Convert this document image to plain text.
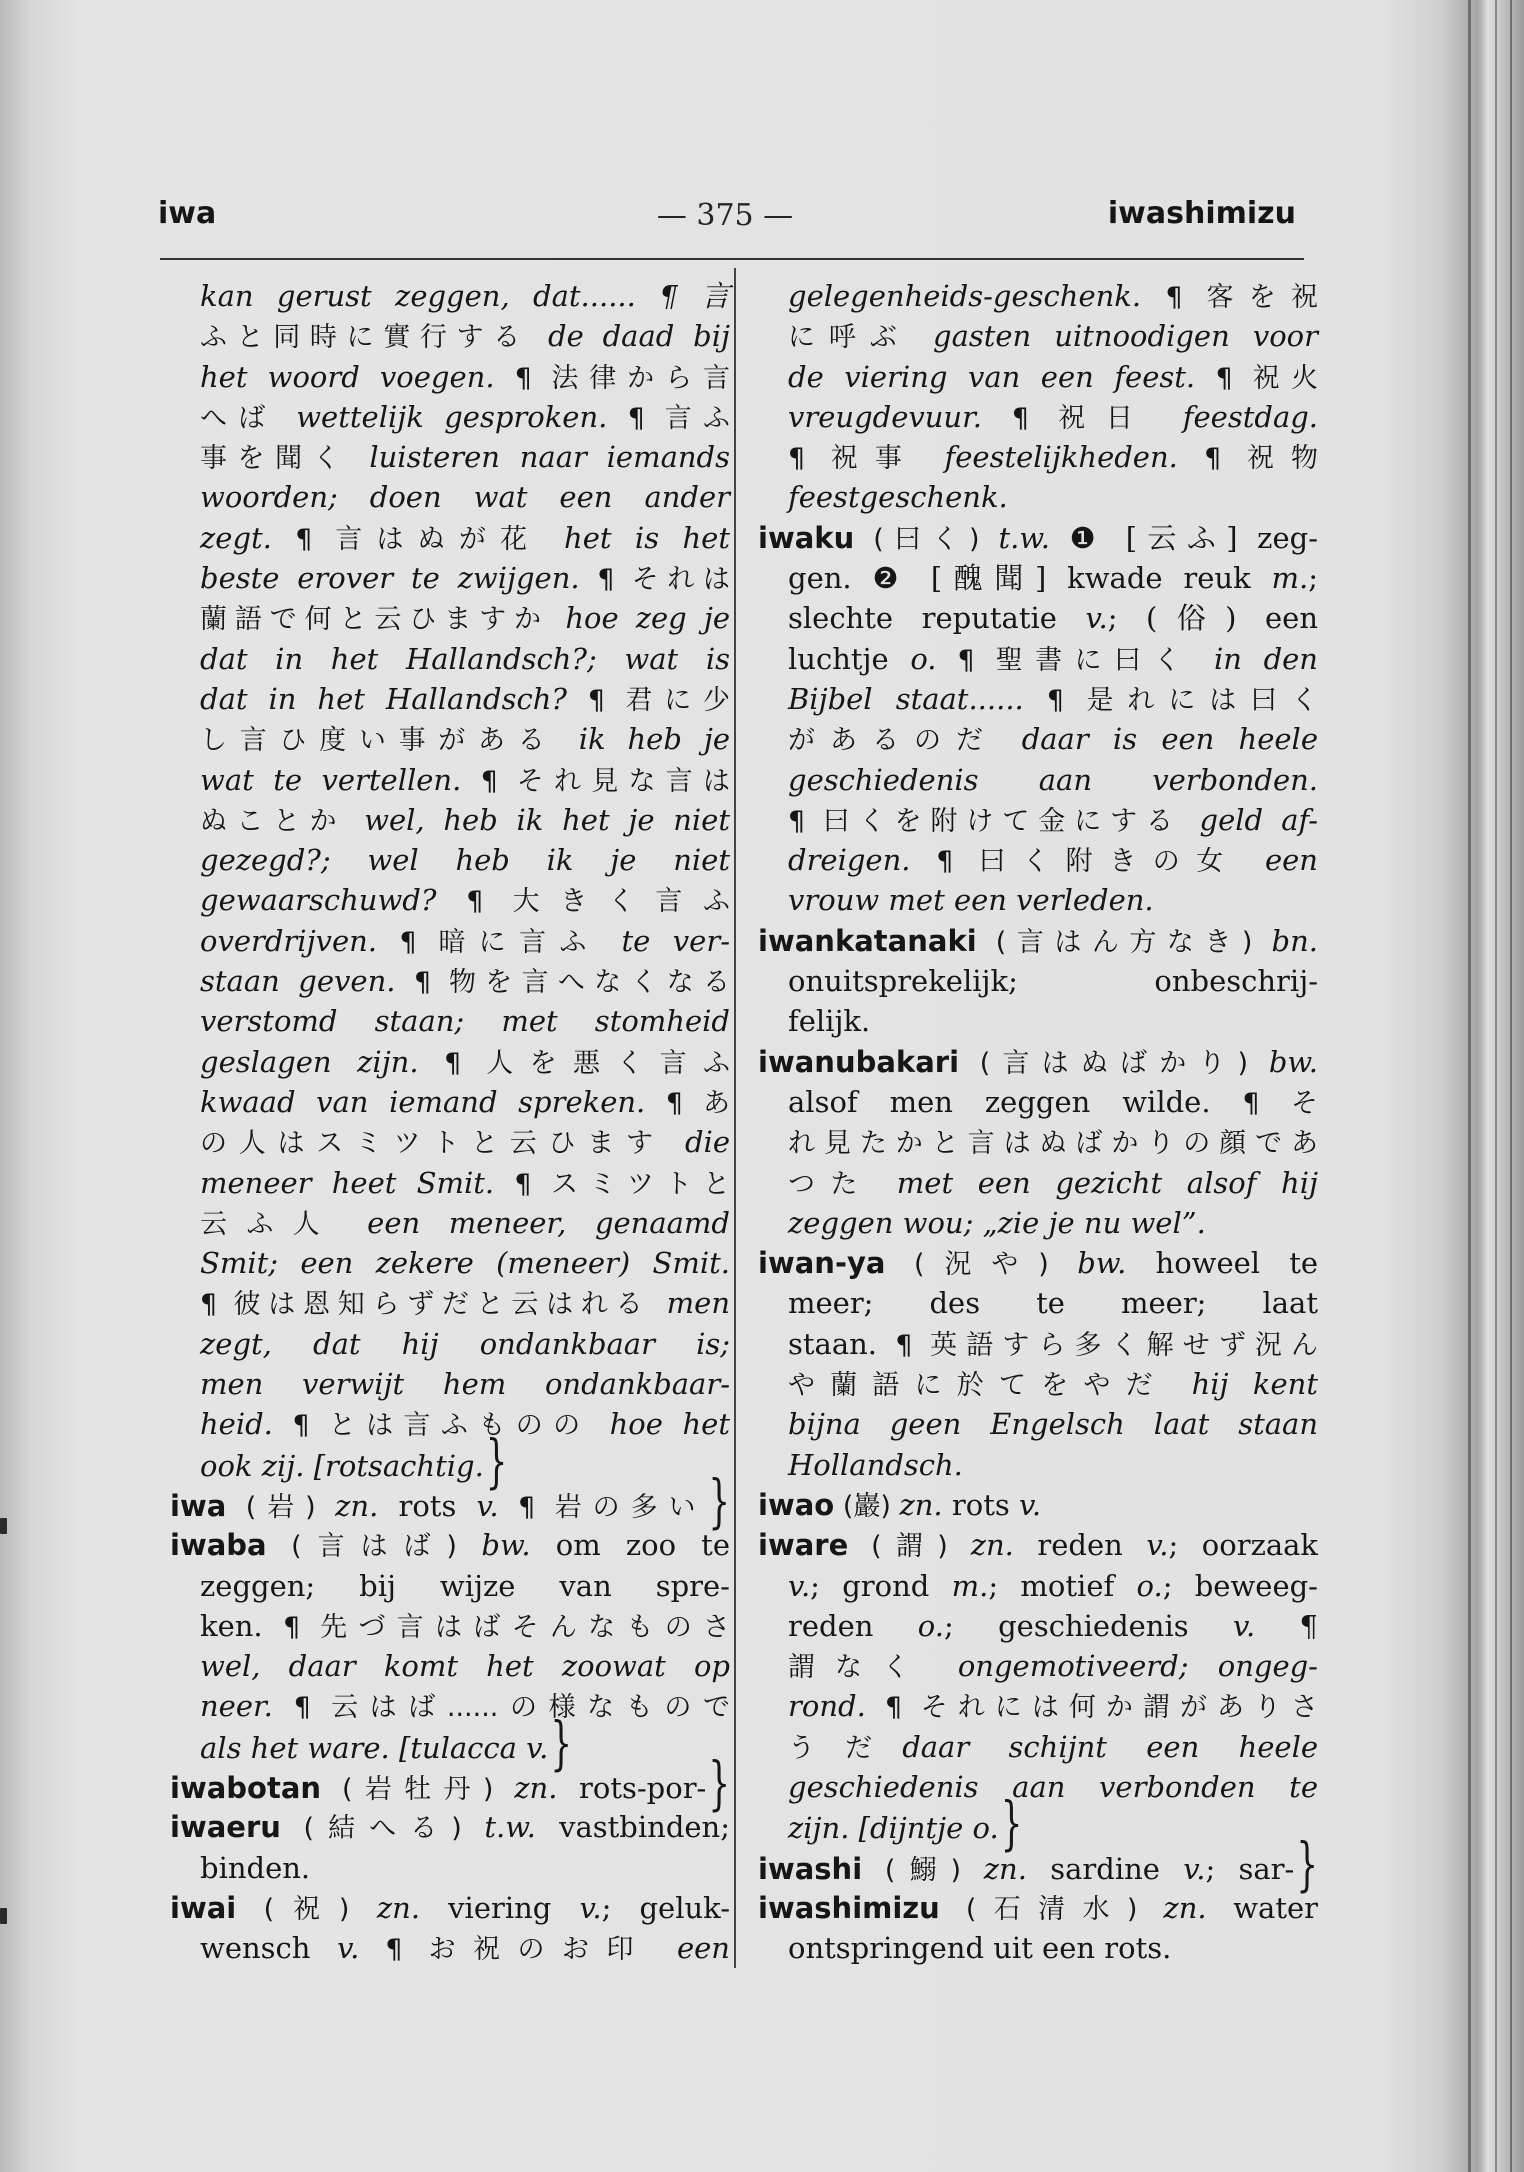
iwa	— 375 —	iwashimizu
kan gerust zeggen, dat...... ¶ 言
ふと同時に實行する de daad bij
het woord voegen. ¶ 法律から言
へば wettelijk gesproken. ¶ 言ふ
事を聞く luisteren naar iemands
woorden; doen wat een ander
zegt. ¶ 言はぬが花 het is het
beste erover te zwijgen. ¶ それは
蘭語で何と云ひますか hoe zeg je
dat in het Hallandsch?; wat is
dat in het Hallandsch? ¶ 君に少
し言ひ度い事がある ik heb je
wat te vertellen. ¶ それ見な言は
ぬことか wel, heb ik het je niet
gezegd?; wel heb ik je niet
gewaarschuwd? ¶ 大きく言ふ
overdrijven. ¶ 暗に言ふ te ver-
staan geven. ¶ 物を言へなくなる
verstomd staan; met stomheid
geslagen zijn. ¶ 人を悪く言ふ
kwaad van iemand spreken. ¶ あ
の人はスミツトと云ひます die
meneer heet Smit. ¶ スミツトと
云ふ人 een meneer, genaamd
Smit; een zekere (meneer) Smit.
¶ 彼は恩知らずだと云はれる men
zegt, dat hij ondankbaar is;
men verwijt hem ondankbaar-
heid. ¶ とは言ふものの hoe het
ook zij. [rotsachtig.}
iwa (岩) zn. rots v. ¶ 岩の多い}
iwaba (言はば) bw. om zoo te
zeggen; bij wijze van spre-
ken. ¶ 先づ言はばそんなものさ
wel, daar komt het zoowat op
neer. ¶ 云はば......の様なもので
als het ware. [tulacca v.}
iwabotan (岩牡丹) zn. rots-por-}
iwaeru (結へる) t.w. vastbinden;
binden.
iwai (祝) zn. viering v.; geluk-
wensch v. ¶ お祝のお印 een
gelegenheids-geschenk. ¶ 客を祝
に呼ぶ gasten uitnoodigen voor
de viering van een feest. ¶ 祝火
vreugdevuur. ¶ 祝日 feestdag.
¶ 祝事 feestelijkheden. ¶ 祝物
feestgeschenk.
iwaku (曰く) t.w. ❶ [云ふ] zeg-
gen. ❷ [醜聞] kwade reuk m.;
slechte reputatie v.; (俗) een
luchtje o. ¶ 聖書に曰く in den
Bijbel staat...... ¶ 是れには曰く
があるのだ daar is een heele
geschiedenis aan verbonden.
¶ 曰くを附けて金にする geld af-
dreigen. ¶ 曰く附きの女 een
vrouw met een verleden.
iwankatanaki (言はん方なき) bn.
onuitsprekelijk; onbeschrij-
felijk.
iwanubakari (言はぬばかり) bw.
alsof men zeggen wilde. ¶ そ
れ見たかと言はぬばかりの顔であ
つた met een gezicht alsof hij
zeggen wou; „zie je nu wel”.
iwan-ya (況や) bw. howeel te
meer; des te meer; laat
staan. ¶ 英語すら多く解せず況ん
や蘭語に於てをやだ hij kent
bijna geen Engelsch laat staan
Hollandsch.
iwao (巖) zn. rots v.
iware (謂) zn. reden v.; oorzaak
v.; grond m.; motief o.; beweeg-
reden o.; geschiedenis v. ¶
謂なく ongemotiveerd; ongeg-
rond. ¶ それには何か謂がありさ
うだdaar schijnt een heele
geschiedenis aan verbonden te
zijn. [dijntje o.}
iwashi (鰯) zn. sardine v.; sar-}
iwashimizu (石清水) zn. water
ontspringend uit een rots.
